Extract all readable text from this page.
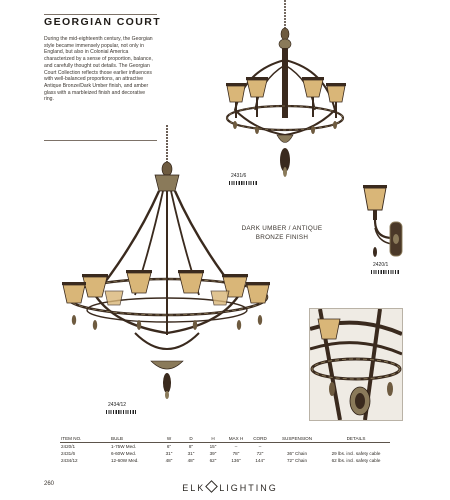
GEORGIAN COURT
During the mid-eighteenth century, the Georgian style became immensely popular, not only in England, but also in Colonial America characterized by a sense of proportion, balance, and carefully thought out details. The Georgian Court Collection reflects those earlier influences with well-balanced proportions, an attractive Antique Bronze/Dark Umber finish, and amber glass with a marbleized finish and decorative ring.
2431/6
DARK UMBER / ANTIQUE BRONZE FINISH
2420/1
2434/12
ITEM NO.	BULB	W	D	H	MAX H	CORD	SUSPENSION	DETAILS
2420/1	1-75W Med.	6"	8"	15"	–	–		
2431/6	6-60W Med.	31"	31"	39"	78"	72"	36" Chain	29 lbs. incl. safety cable
2434/12	12-60W Med.	48"	48"	62"	136"	144"	72" Chain	62 lbs. incl. safety cable
260	ELK LIGHTING
